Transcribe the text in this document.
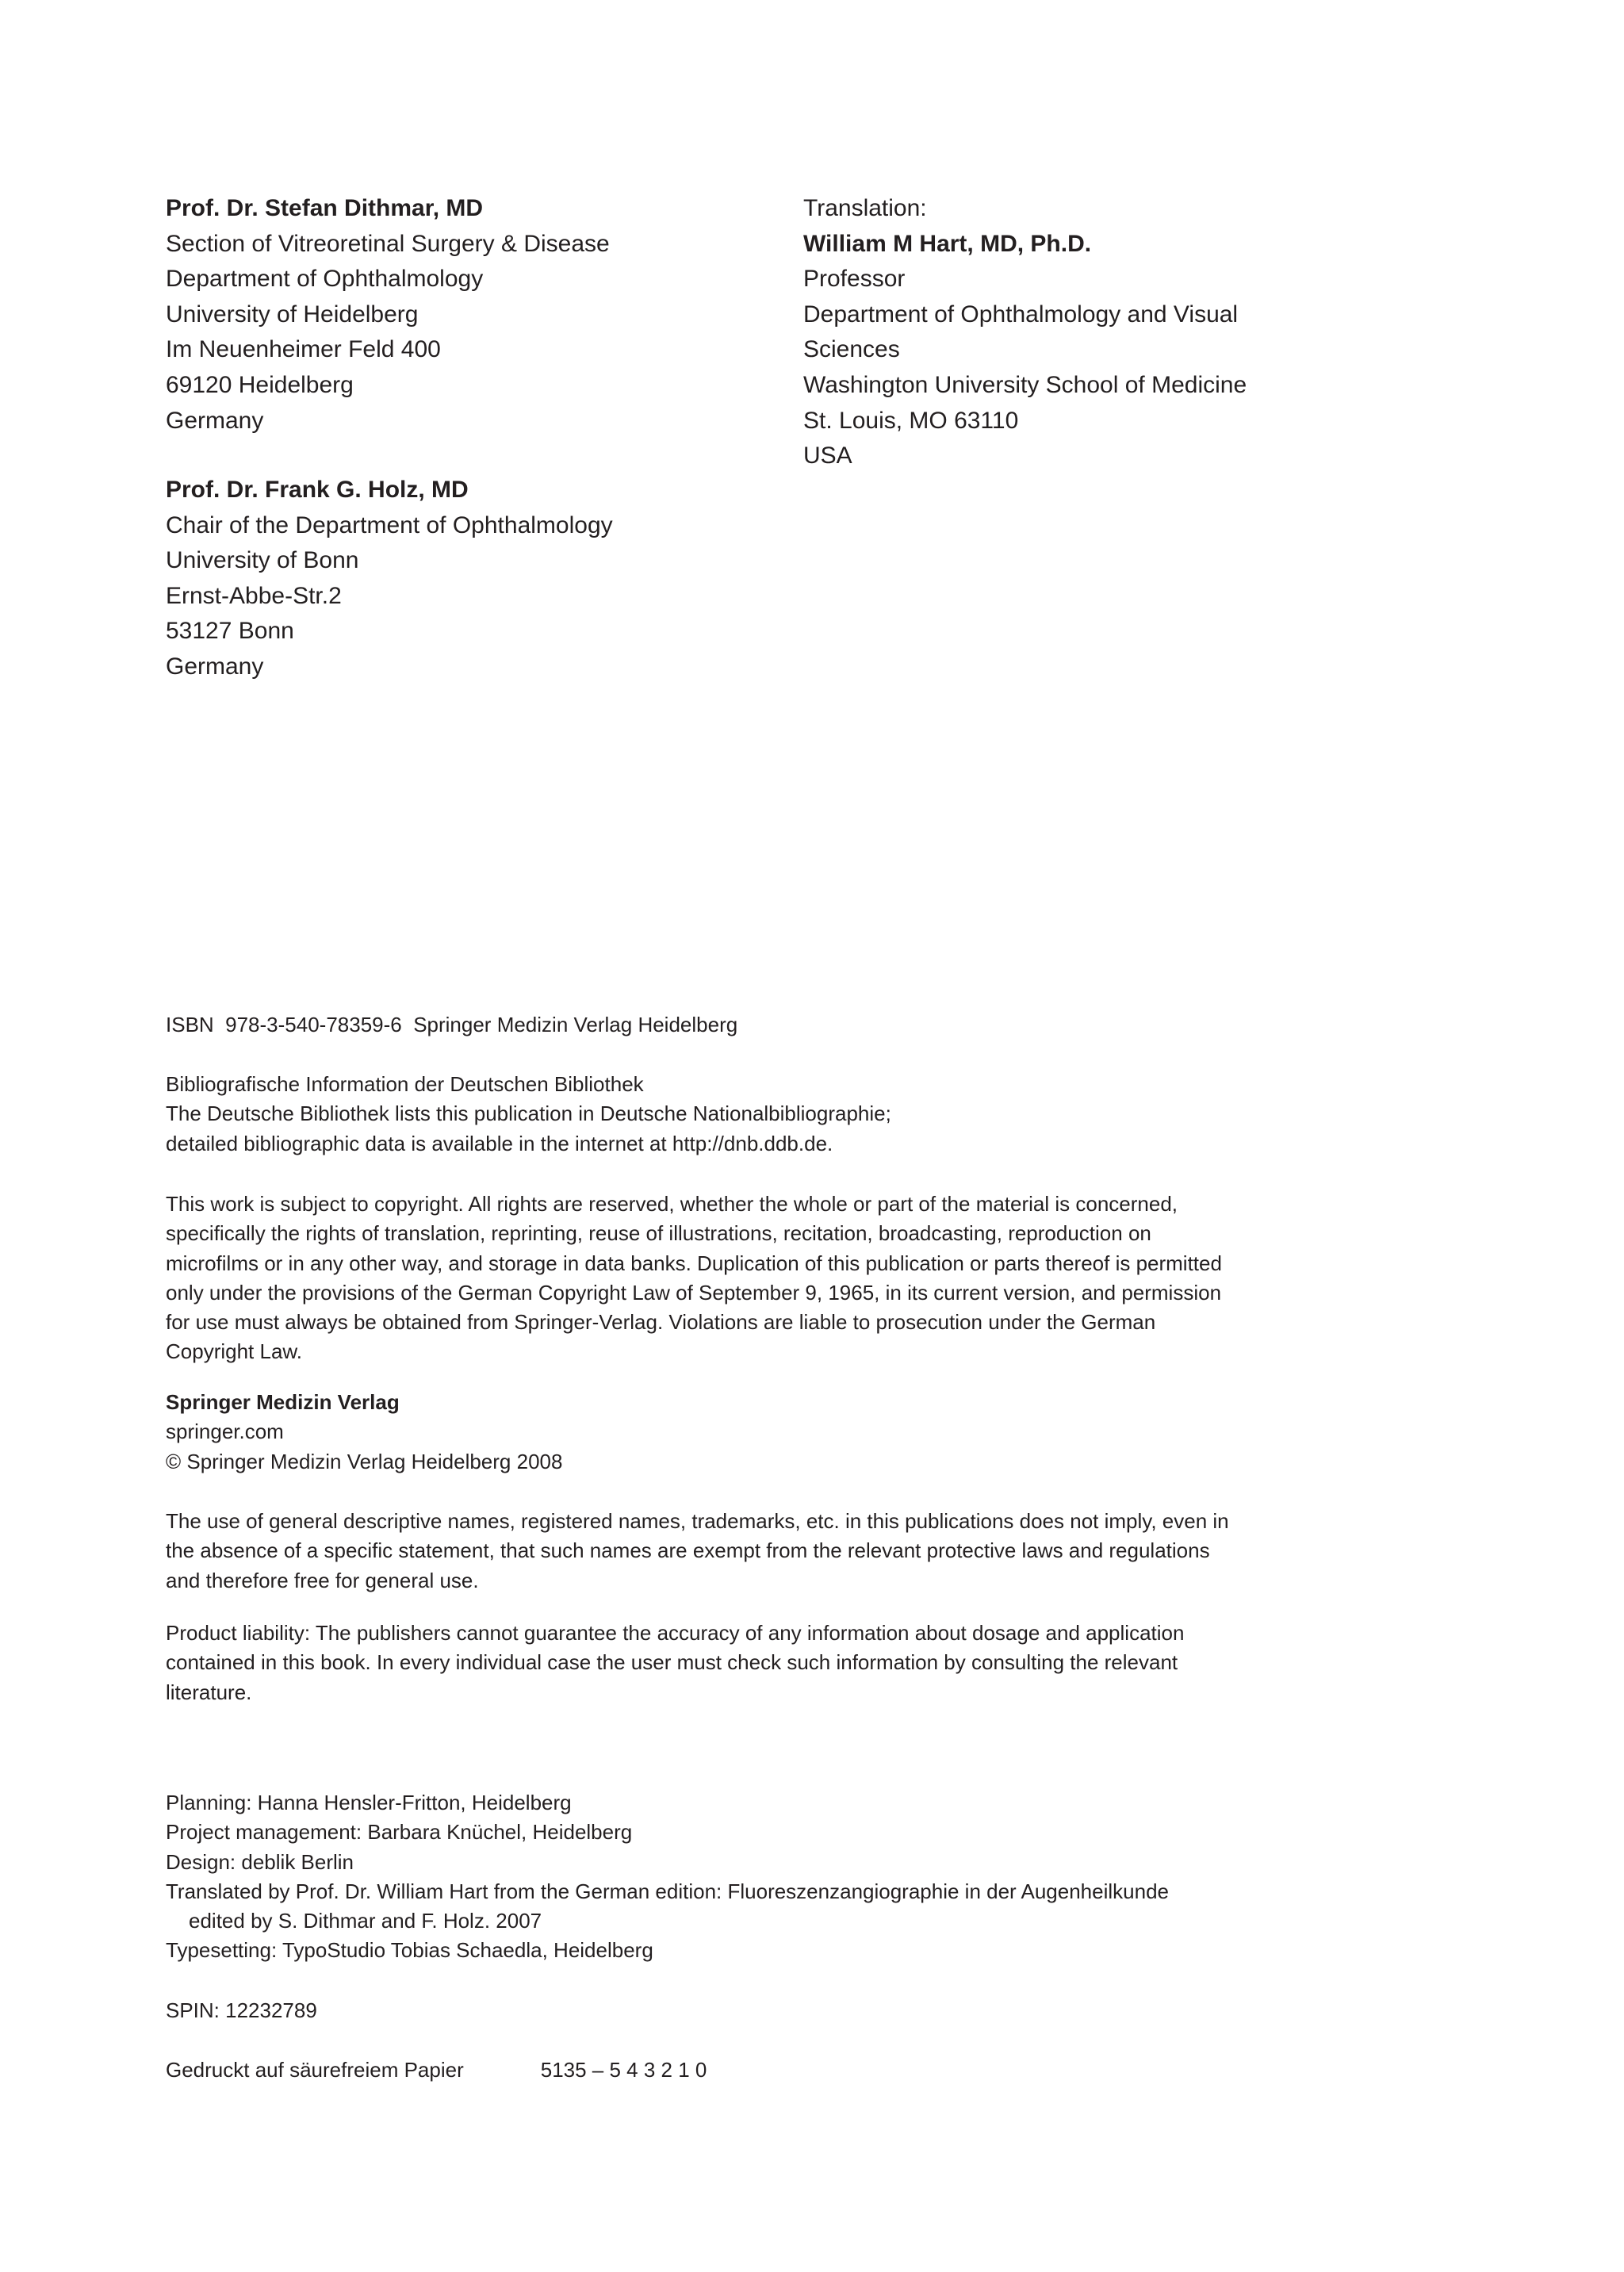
Prof. Dr. Stefan Dithmar, MD
Section of Vitreoretinal Surgery & Disease
Department of Ophthalmology
University of Heidelberg
Im Neuenheimer Feld 400
69120 Heidelberg
Germany
Prof. Dr. Frank G. Holz, MD
Chair of the Department of Ophthalmology
University of Bonn
Ernst-Abbe-Str.2
53127 Bonn
Germany
Translation:
William M Hart, MD, Ph.D.
Professor
Department of Ophthalmology and Visual
Sciences
Washington University School of Medicine
St. Louis, MO 63110
USA
ISBN  978-3-540-78359-6  Springer Medizin Verlag Heidelberg
Bibliografische Information der Deutschen Bibliothek
The Deutsche Bibliothek lists this publication in Deutsche Nationalbibliographie;
detailed bibliographic data is available in the internet at http://dnb.ddb.de.
This work is subject to copyright. All rights are reserved, whether the whole or part of the material is concerned,
specifically the rights of translation, reprinting, reuse of illustrations, recitation, broadcasting, reproduction on
microfilms or in any other way, and storage in data banks. Duplication of this publication or parts thereof is permitted
only under the provisions of the German Copyright Law of September 9, 1965, in its current version, and permission
for use must always be obtained from Springer-Verlag. Violations are liable to prosecution under the German
Copyright Law.
Springer Medizin Verlag
springer.com
© Springer Medizin Verlag Heidelberg 2008
The use of general descriptive names, registered names, trademarks, etc. in this publications does not imply, even in
the absence of a specific statement, that such names are exempt from the relevant protective laws and regulations
and therefore free for general use.
Product liability: The publishers cannot guarantee the accuracy of any information about dosage and application
contained in this book. In every individual case the user must check such information by consulting the relevant
literature.
Planning: Hanna Hensler-Fritton, Heidelberg
Project management: Barbara Knüchel, Heidelberg
Design: deblik Berlin
Translated by Prof. Dr. William Hart from the German edition: Fluoreszenzangiographie in der Augenheilkunde
edited by S. Dithmar and F. Holz. 2007
Typesetting: TypoStudio Tobias Schaedla, Heidelberg
SPIN: 12232789
Gedruckt auf säurefreiem Papier	5135 – 5 4 3 2 1 0
